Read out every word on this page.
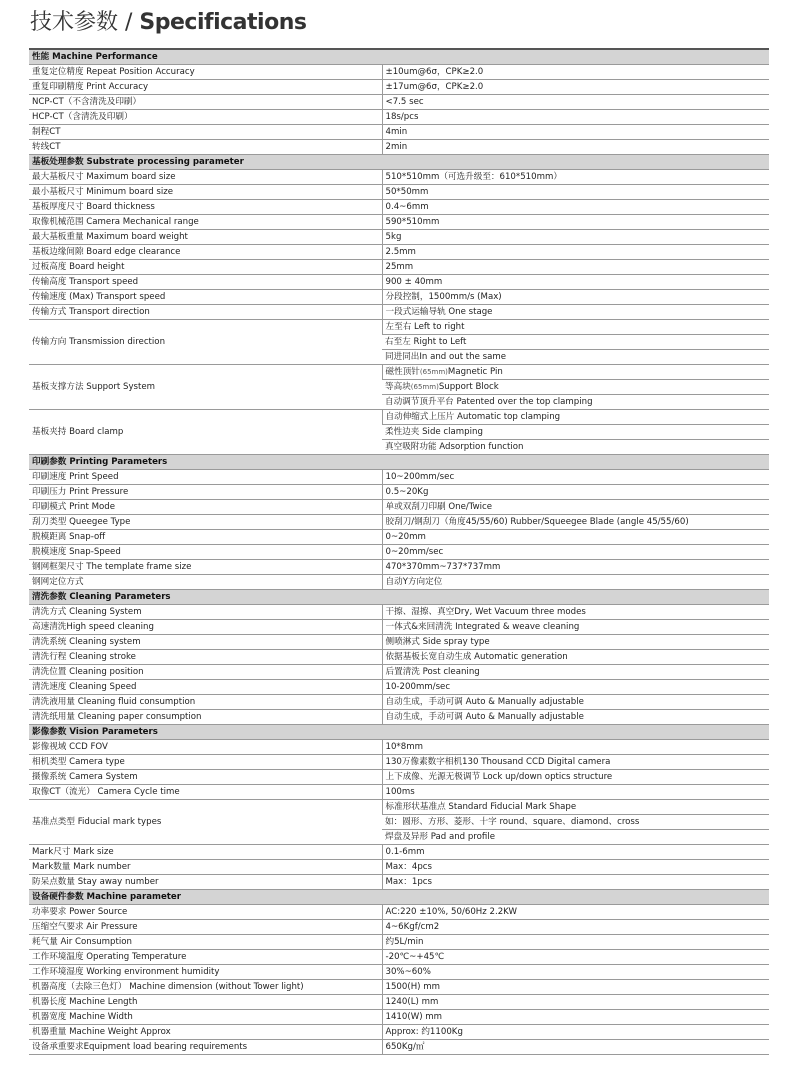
技术参数 / Specifications
性能 Machine Performance	
重复定位精度 Repeat Position Accuracy	±10um@6σ，CPK≥2.0
重复印刷精度 Print Accuracy	±17um@6σ，CPK≥2.0
NCP-CT（不含清洗及印刷）	<7.5 sec
HCP-CT（含清洗及印刷）	18s/pcs
制程CT	4min
转线CT	2min
基板处理参数 Substrate processing parameter	
最大基板尺寸 Maximum board size	510*510mm（可选升级至：610*510mm）
最小基板尺寸 Minimum board size	50*50mm
基板厚度尺寸 Board thickness	0.4~6mm
取像机械范围 Camera Mechanical range	590*510mm
最大基板重量 Maximum board weight	5kg
基板边缘间隙 Board edge clearance	2.5mm
过板高度 Board height	25mm
传输高度 Transport speed	900 ± 40mm
传输速度 (Max) Transport speed	分段控制，1500mm/s (Max)
传输方式 Transport direction	一段式运输导轨 One stage
传输方向 Transmission direction	左至右 Left to right
	右至左 Right to Left
	同进同出In and out the same
基板支撑方法 Support System	磁性顶针(65mm)Magnetic Pin
	等高块(65mm)Support Block
	自动调节顶升平台 Patented over the top clamping
基板夹持 Board clamp	自动伸缩式上压片 Automatic top clamping
	柔性边夹 Side clamping
	真空吸附功能 Adsorption function
印刷参数 Printing Parameters	
印刷速度 Print Speed	10~200mm/sec
印刷压力 Print Pressure	0.5~20Kg
印刷模式 Print Mode	单或双刮刀印刷 One/Twice
刮刀类型 Queegee Type	胶刮刀/钢刮刀（角度45/55/60) Rubber/Squeegee Blade (angle 45/55/60)
脱模距离 Snap-off	0~20mm
脱模速度 Snap-Speed	0~20mm/sec
钢网框架尺寸 The template frame size	470*370mm~737*737mm
钢网定位方式	自动Y方向定位
清洗参数 Cleaning Parameters	
清洗方式 Cleaning System	干擦、湿擦、真空Dry, Wet Vacuum three modes
高速清洗High speed cleaning	一体式&来回清洗 Integrated & weave cleaning
清洗系统 Cleaning system	侧喷淋式 Side spray type
清洗行程 Cleaning stroke	依据基板长宽自动生成 Automatic generation
清洗位置 Cleaning position	后置清洗 Post cleaning
清洗速度 Cleaning Speed	10-200mm/sec
清洗液用量 Cleaning fluid consumption	自动生成，手动可调 Auto & Manually adjustable
清洗纸用量 Cleaning paper consumption	自动生成，手动可调 Auto & Manually adjustable
影像参数 Vision Parameters	
影像视域 CCD FOV	10*8mm
相机类型 Camera type	130万像素数字相机130 Thousand CCD Digital camera
摄像系统 Camera System	上下成像、光源无极调节 Lock up/down optics structure
取像CT（流光） Camera Cycle time	100ms
基准点类型 Fiducial mark types	标准形状基准点 Standard Fiducial Mark Shape
	如：圆形、方形、菱形、十字 round、square、diamond、cross
	焊盘及异形 Pad and profile
Mark尺寸 Mark size	0.1-6mm
Mark数量 Mark number	Max：4pcs
防呆点数量 Stay away number	Max：1pcs
设备硬件参数 Machine parameter	
功率要求 Power Source	AC:220 ±10%, 50/60Hz 2.2KW
压缩空气要求 Air Pressure	4~6Kgf/cm2
耗气量 Air Consumption	约5L/min
工作环境温度 Operating Temperature	-20℃~+45℃
工作环境湿度 Working environment humidity	30%~60%
机器高度（去除三色灯） Machine dimension (without Tower light)	1500(H) mm
机器长度 Machine Length	1240(L) mm
机器宽度 Machine Width	1410(W) mm
机器重量 Machine Weight Approx	Approx: 约1100Kg
设备承重要求Equipment load bearing requirements	650Kg/㎡
